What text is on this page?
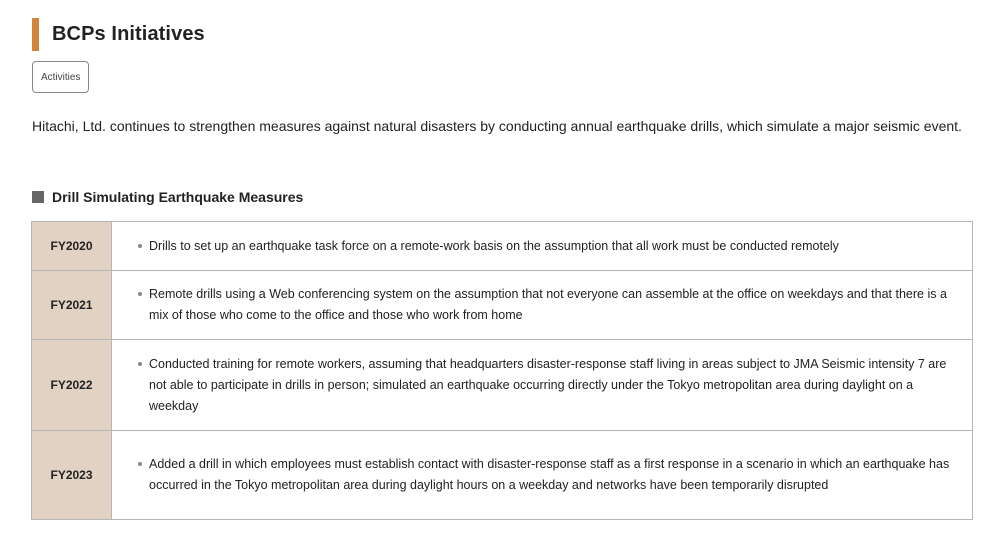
BCPs Initiatives
Activities

Hitachi, Ltd. continues to strengthen measures against natural disasters by conducting annual earthquake drills, which simulate a major seismic event.

Drill Simulating Earthquake Measures
FY2020	Drills to set up an earthquake task force on a remote-work basis on the assumption that all work must be conducted remotely

FY2021	Remote drills using a Web conferencing system on the assumption that not everyone can assemble at the office on weekdays and that there is a mix of those who come to the office and those who work from home

FY2022	Conducted training for remote workers, assuming that headquarters disaster-response staff living in areas subject to JMA Seismic intensity 7 are not able to participate in drills in person; simulated an earthquake occurring directly under the Tokyo metropolitan area during daylight on a weekday

FY2023	Added a drill in which employees must establish contact with disaster-response staff as a first response in a scenario in which an earthquake has occurred in the Tokyo metropolitan area during daylight hours on a weekday and networks have been temporarily disrupted
